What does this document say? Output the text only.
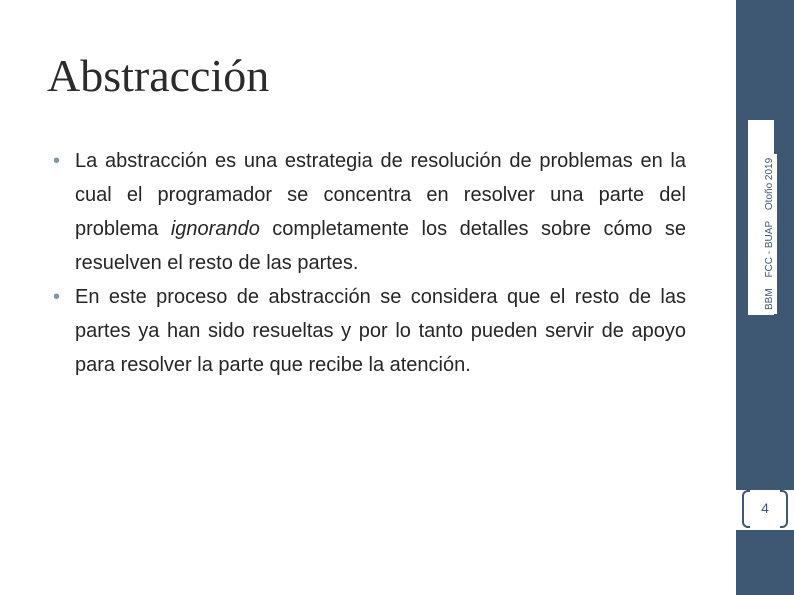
Abstracción
• La abstracción es una estrategia de resolución de problemas en la cual el programador se concentra en resolver una parte del problema ignorando completamente los detalles sobre cómo se resuelven el resto de las partes.
• En este proceso de abstracción se considera que el resto de las partes ya han sido resueltas y por lo tanto pueden servir de apoyo para resolver la parte que recibe la atención.
BBM FCC - BUAP Otoño 2019
4
